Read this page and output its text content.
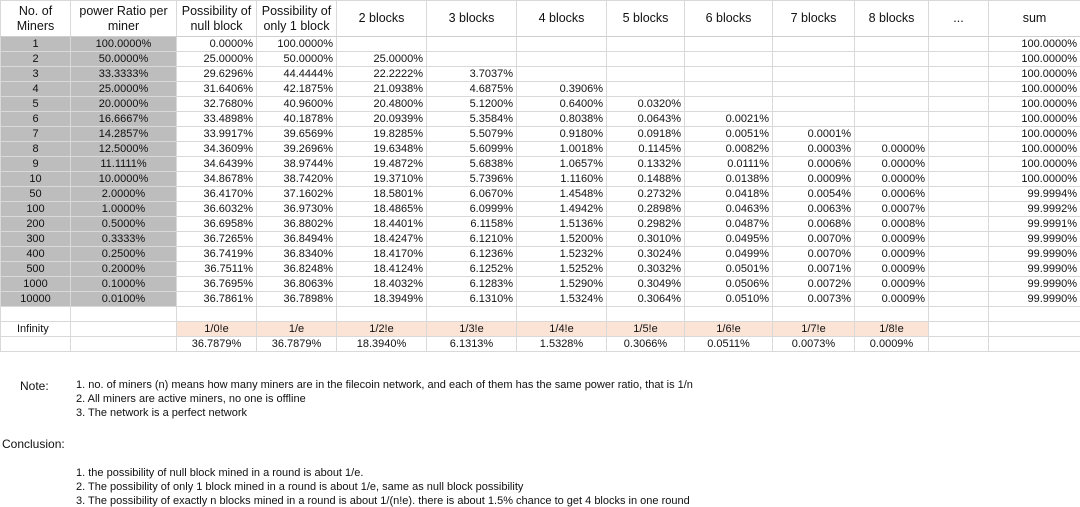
No. of Miners	power Ratio per miner	Possibility of null block	Possibility of only 1 block	2 blocks	3 blocks	4 blocks	5 blocks	6 blocks	7 blocks	8 blocks	...	sum
1	100.0000%	0.0000%	100.0000%									100.0000%
2	50.0000%	25.0000%	50.0000%	25.0000%								100.0000%
3	33.3333%	29.6296%	44.4444%	22.2222%	3.7037%							100.0000%
4	25.0000%	31.6406%	42.1875%	21.0938%	4.6875%	0.3906%						100.0000%
5	20.0000%	32.7680%	40.9600%	20.4800%	5.1200%	0.6400%	0.0320%					100.0000%
6	16.6667%	33.4898%	40.1878%	20.0939%	5.3584%	0.8038%	0.0643%	0.0021%				100.0000%
7	14.2857%	33.9917%	39.6569%	19.8285%	5.5079%	0.9180%	0.0918%	0.0051%	0.0001%			100.0000%
8	12.5000%	34.3609%	39.2696%	19.6348%	5.6099%	1.0018%	0.1145%	0.0082%	0.0003%	0.0000%		100.0000%
9	11.1111%	34.6439%	38.9744%	19.4872%	5.6838%	1.0657%	0.1332%	0.0111%	0.0006%	0.0000%		100.0000%
10	10.0000%	34.8678%	38.7420%	19.3710%	5.7396%	1.1160%	0.1488%	0.0138%	0.0009%	0.0000%		100.0000%
50	2.0000%	36.4170%	37.1602%	18.5801%	6.0670%	1.4548%	0.2732%	0.0418%	0.0054%	0.0006%		99.9994%
100	1.0000%	36.6032%	36.9730%	18.4865%	6.0999%	1.4942%	0.2898%	0.0463%	0.0063%	0.0007%		99.9992%
200	0.5000%	36.6958%	36.8802%	18.4401%	6.1158%	1.5136%	0.2982%	0.0487%	0.0068%	0.0008%		99.9991%
300	0.3333%	36.7265%	36.8494%	18.4247%	6.1210%	1.5200%	0.3010%	0.0495%	0.0070%	0.0009%		99.9990%
400	0.2500%	36.7419%	36.8340%	18.4170%	6.1236%	1.5232%	0.3024%	0.0499%	0.0070%	0.0009%		99.9990%
500	0.2000%	36.7511%	36.8248%	18.4124%	6.1252%	1.5252%	0.3032%	0.0501%	0.0071%	0.0009%		99.9990%
1000	0.1000%	36.7695%	36.8063%	18.4032%	6.1283%	1.5290%	0.3049%	0.0506%	0.0072%	0.0009%		99.9990%
10000	0.0100%	36.7861%	36.7898%	18.3949%	6.1310%	1.5324%	0.3064%	0.0510%	0.0073%	0.0009%		99.9990%

Infinity		1/0!e	1/e	1/2!e	1/3!e	1/4!e	1/5!e	1/6!e	1/7!e	1/8!e		
		36.7879%	36.7879%	18.3940%	6.1313%	1.5328%	0.3066%	0.0511%	0.0073%	0.0009%		
Note: 1. no. of miners (n) means how many miners are in the filecoin network, and each of them has the same power ratio, that is 1/n
2. All miners are active miners, no one is offline
3. The network is a perfect network
Conclusion:
1. the possibility of null block mined in a round is about 1/e.
2. The possibility of only 1 block mined in a round is about 1/e, same as null block possibility
3. The possibility of exactly n blocks mined in a round is about 1/(n!e). there is about 1.5% chance to get 4 blocks in one round
